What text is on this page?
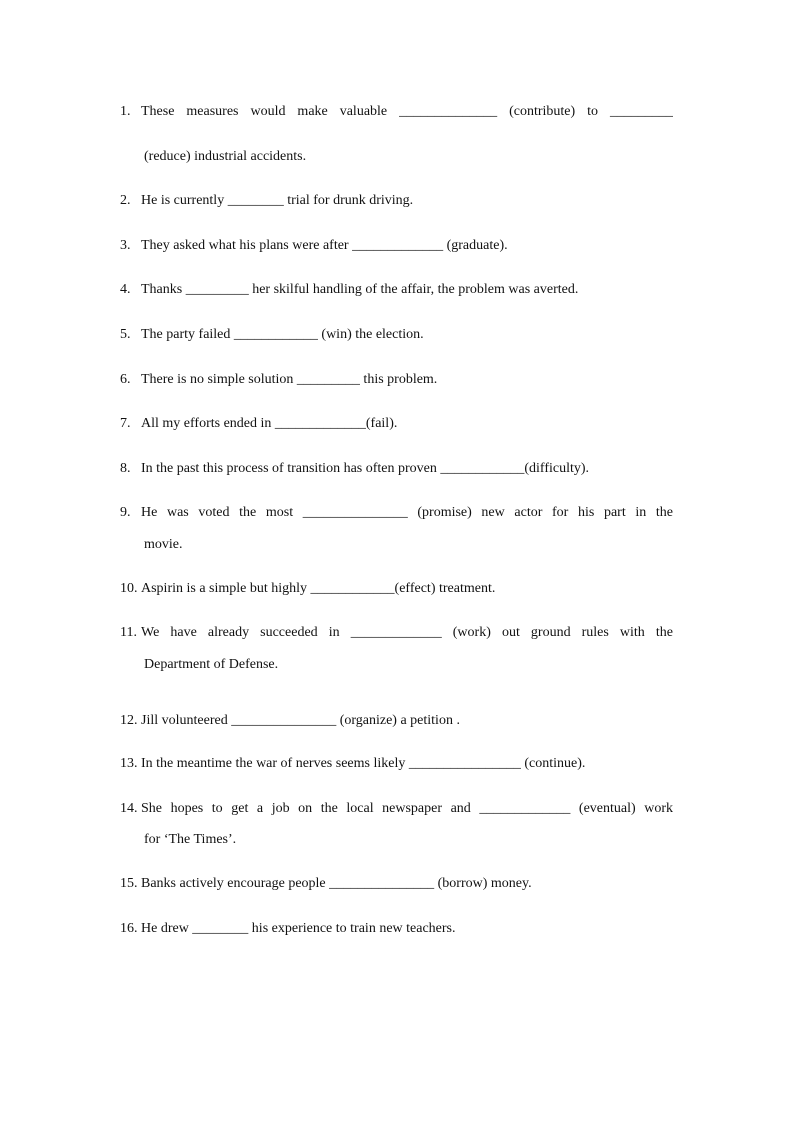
1. These measures would make valuable ______________ (contribute) to _________
(reduce) industrial accidents.
2. He is currently ________ trial for drunk driving.
3. They asked what his plans were after _____________ (graduate).
4. Thanks _________ her skilful handling of the affair, the problem was averted.
5. The party failed ____________ (win) the election.
6. There is no simple solution _________ this problem.
7. All my efforts ended in _____________(fail).
8. In the past this process of transition has often proven ____________(difficulty).
9. He was voted the most _______________ (promise) new actor for his part in the
movie.
10. Aspirin is a simple but highly ____________(effect) treatment.
11. We have already succeeded in _____________ (work) out ground rules with the
Department of Defense.
12. Jill volunteered _______________ (organize) a petition .
13. In the meantime the war of nerves seems likely ________________ (continue).
14. She hopes to get a job on the local newspaper and _____________ (eventual) work
for ‘The Times’.
15. Banks actively encourage people _______________ (borrow) money.
16. He drew ________ his experience to train new teachers.
